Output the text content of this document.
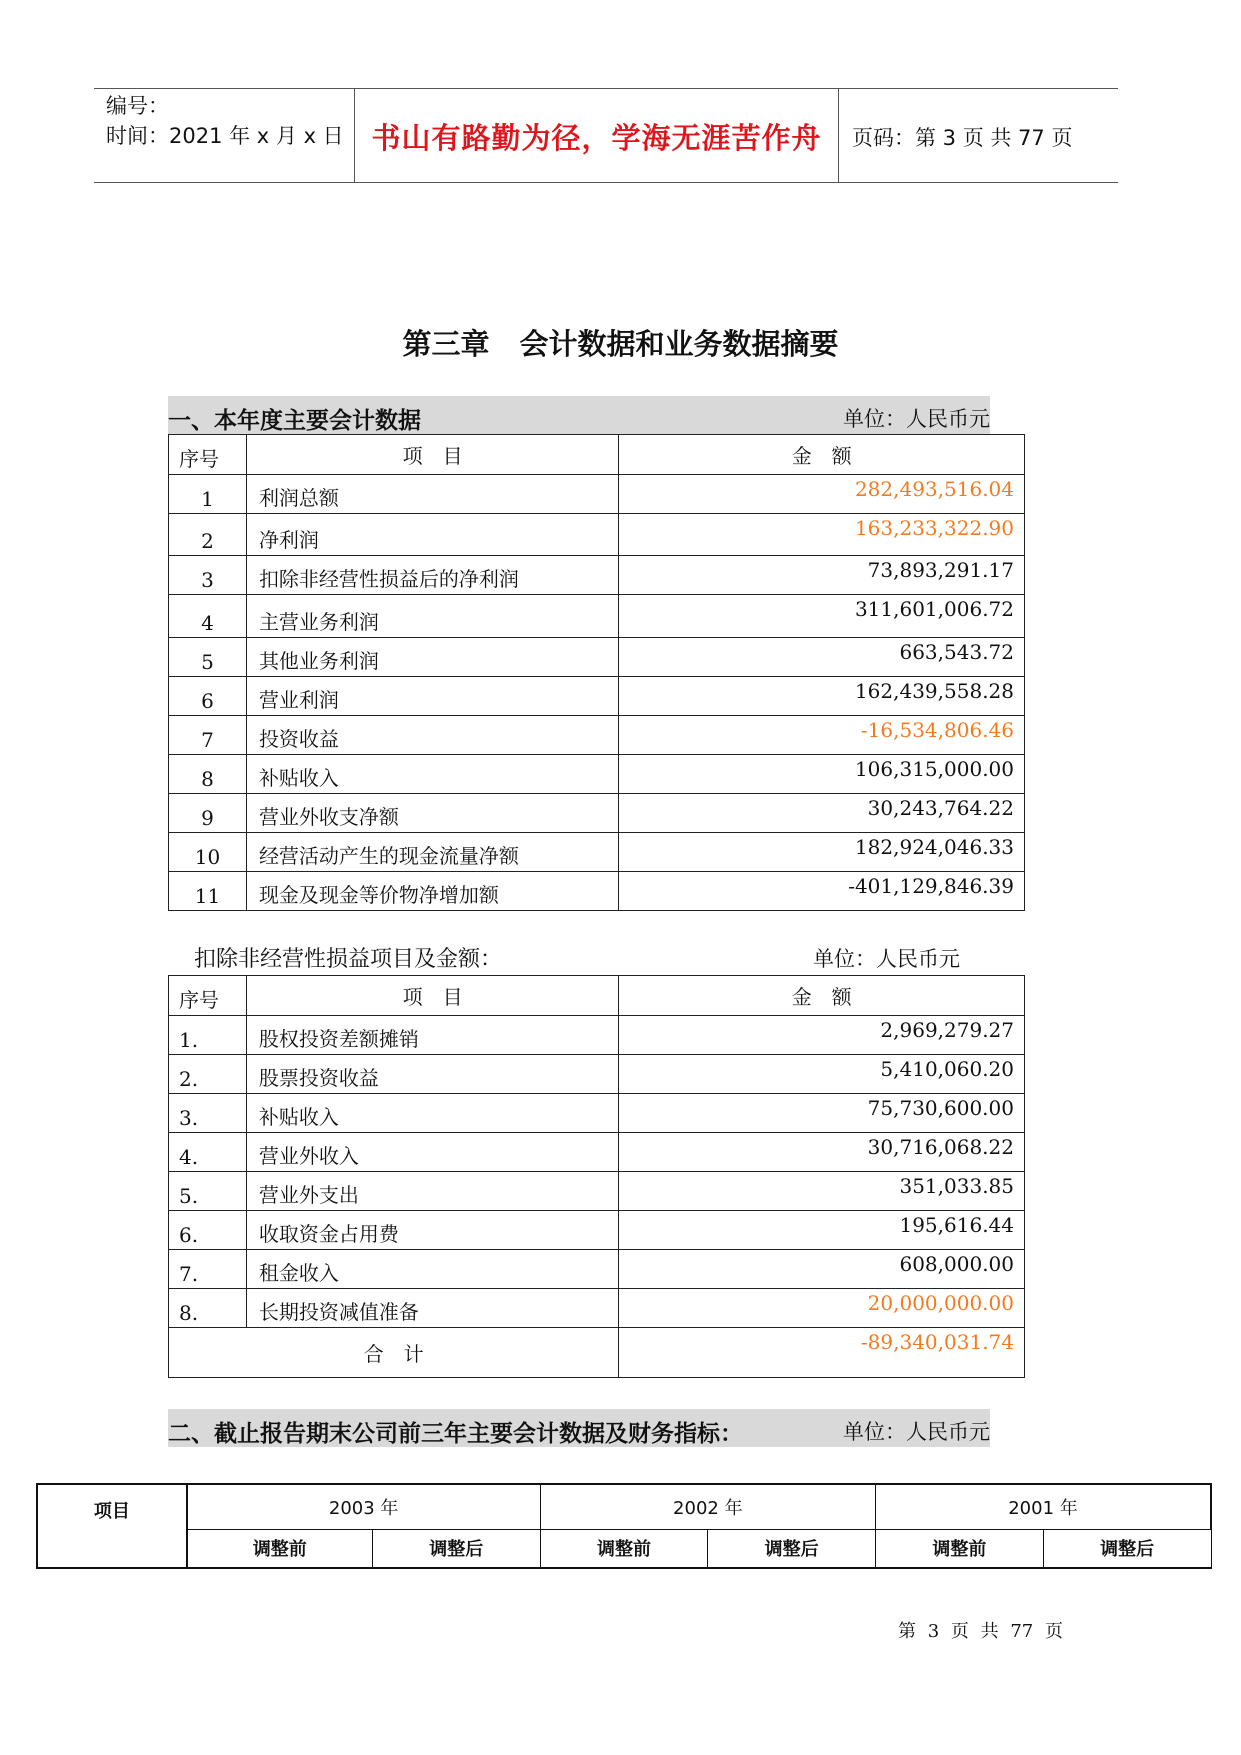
编号：
时间：2021 年 x 月 x 日 书山有路勤为径，学海无涯苦作舟	页码：第 3 页 共 77 页
第三章 会计数据和业务数据摘要
一、本年度主要会计数据	单位：人民币元
序号	项　目	金　额
1	利润总额	282,493,516.04
2	净利润	163,233,322.90
3	扣除非经营性损益后的净利润	73,893,291.17
4	主营业务利润	311,601,006.72
5	其他业务利润	663,543.72
6	营业利润	162,439,558.28
7	投资收益	-16,534,806.46
8	补贴收入	106,315,000.00
9	营业外收支净额	30,243,764.22
10	经营活动产生的现金流量净额	182,924,046.33
11	现金及现金等价物净增加额	-401,129,846.39
扣除非经营性损益项目及金额：	单位：人民币元
序号	项　目	金　额
1.	股权投资差额摊销	2,969,279.27
2.	股票投资收益	5,410,060.20
3.	补贴收入	75,730,600.00
4.	营业外收入	30,716,068.22
5.	营业外支出	351,033.85
6.	收取资金占用费	195,616.44
7.	租金收入	608,000.00
8.	长期投资减值准备	20,000,000.00
合　计		-89,340,031.74
二、截止报告期末公司前三年主要会计数据及财务指标：	单位：人民币元
项目	2003 年		2002 年		2001 年	
	调整前	调整后	调整前	调整后	调整前	调整后
第 3 页 共 77 页
